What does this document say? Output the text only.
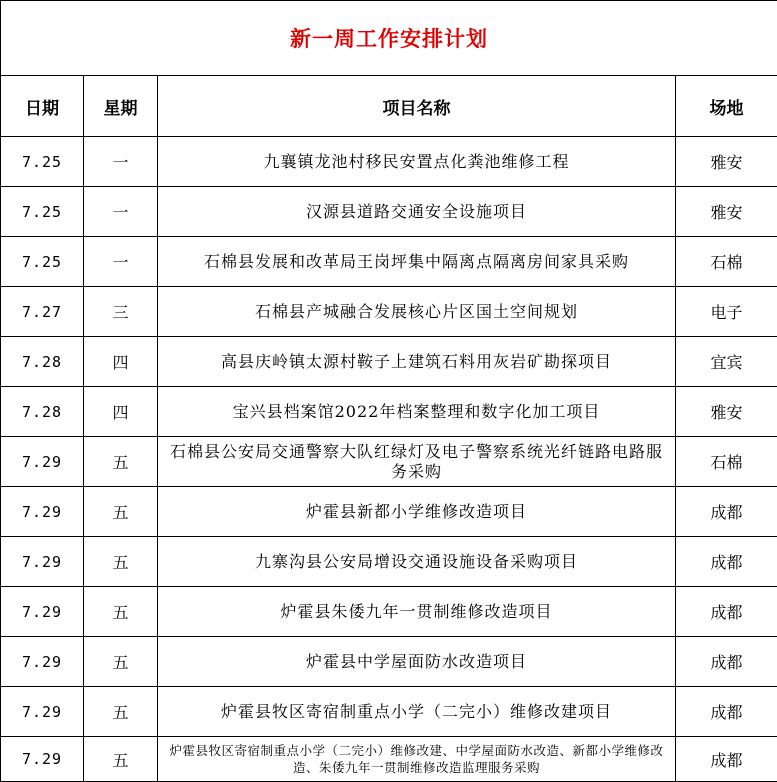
新一周工作安排计划			
日期	星期	项目名称	场地
7.25	一	九襄镇龙池村移民安置点化粪池维修工程	雅安
7.25	一	汉源县道路交通安全设施项目	雅安
7.25	一	石棉县发展和改革局王岗坪集中隔离点隔离房间家具采购	石棉
7.27	三	石棉县产城融合发展核心片区国土空间规划	电子
7.28	四	高县庆岭镇太源村鞍子上建筑石料用灰岩矿勘探项目	宜宾
7.28	四	宝兴县档案馆2022年档案整理和数字化加工项目	雅安
7.29	五	石棉县公安局交通警察大队红绿灯及电子警察系统光纤链路电路服务采购	石棉
7.29	五	炉霍县新都小学维修改造项目	成都
7.29	五	九寨沟县公安局增设交通设施设备采购项目	成都
7.29	五	炉霍县朱倭九年一贯制维修改造项目	成都
7.29	五	炉霍县中学屋面防水改造项目	成都
7.29	五	炉霍县牧区寄宿制重点小学（二完小）维修改建项目	成都
7.29	五	炉霍县牧区寄宿制重点小学（二完小）维修改建、中学屋面防水改造、新都小学维修改造、朱倭九年一贯制维修改造监理服务采购	成都
